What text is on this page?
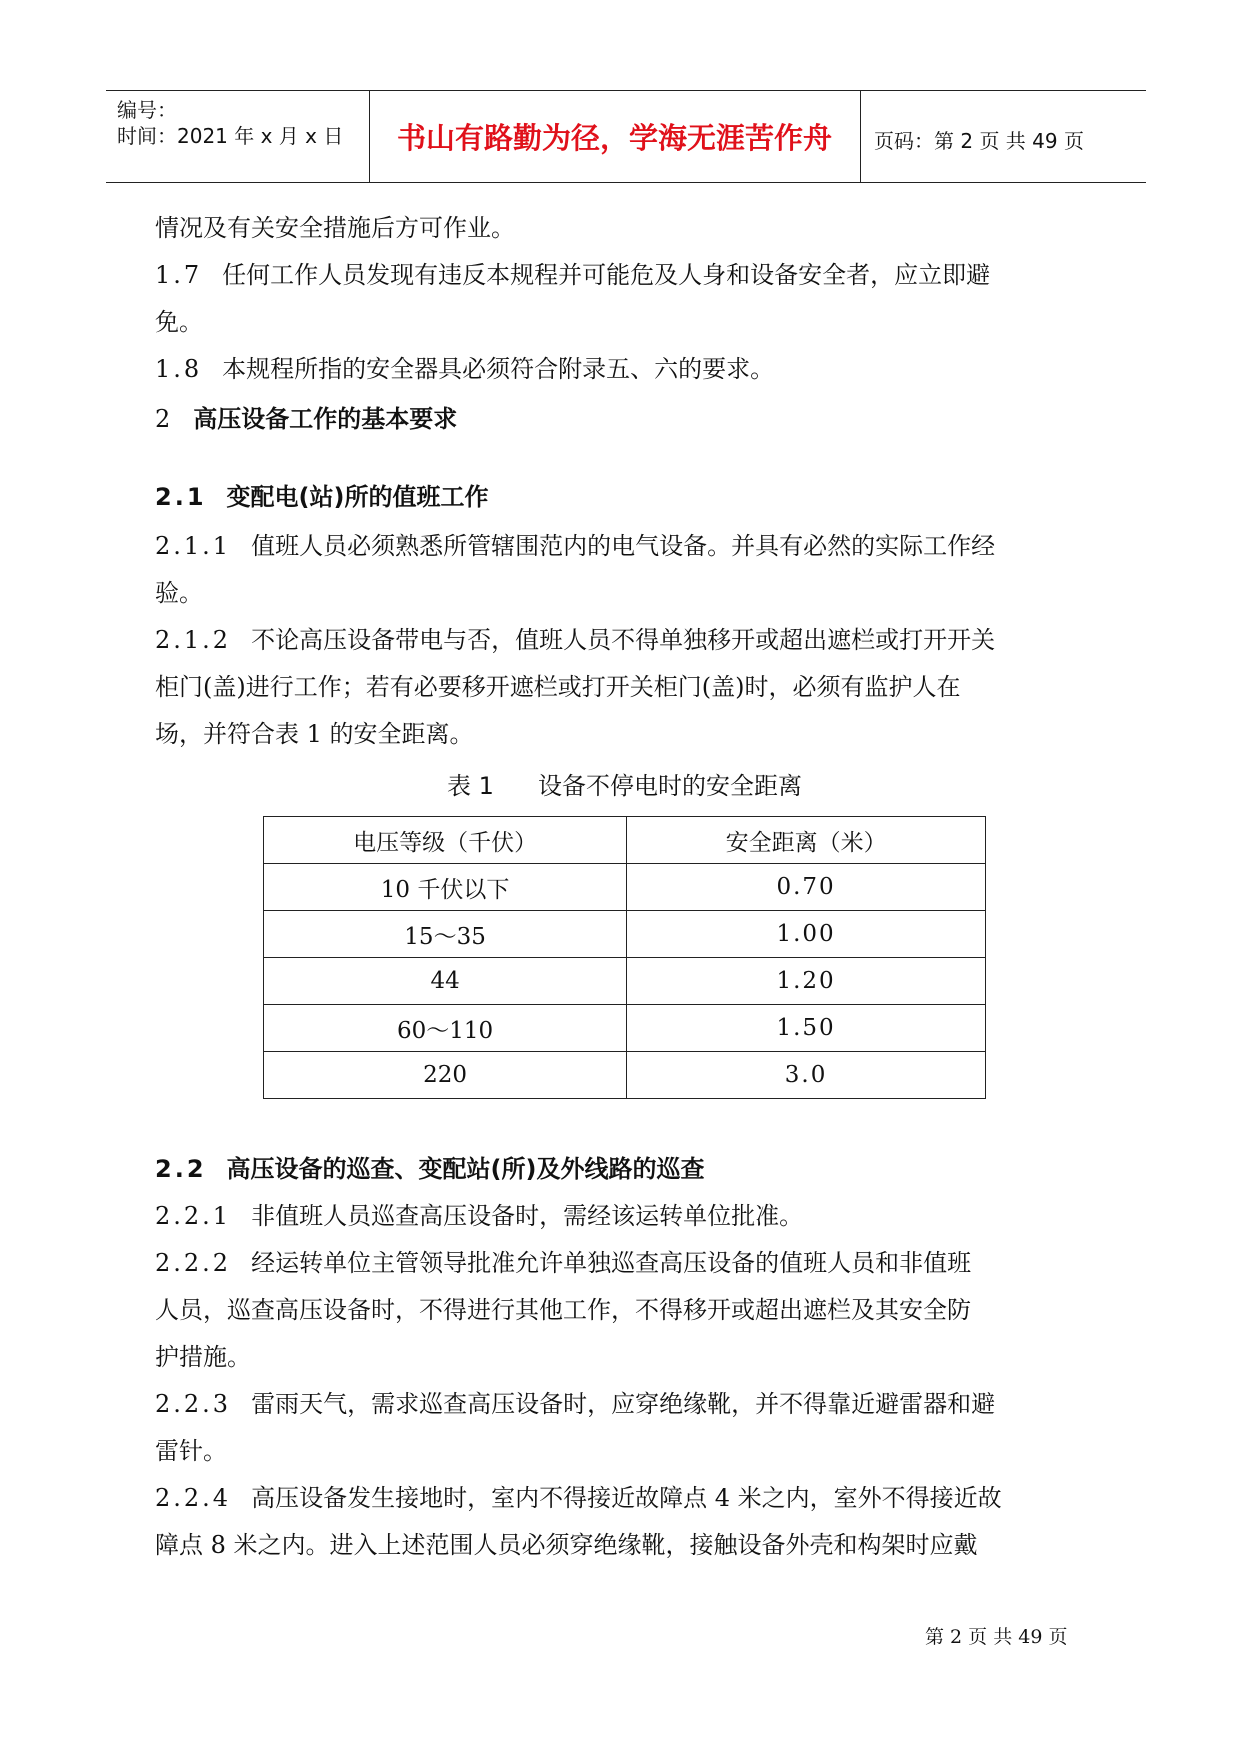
编号：
时间：2021 年 x 月 x 日	书山有路勤为径，学海无涯苦作舟	页码：第 2 页 共 49 页
情况及有关安全措施后方可作业。
1.7 任何工作人员发现有违反本规程并可能危及人身和设备安全者，应立即避
免。
1.8 本规程所指的安全器具必须符合附录五、六的要求。
2 高压设备工作的基本要求
2.1 变配电(站)所的值班工作
2.1.1 值班人员必须熟悉所管辖围范内的电气设备。并具有必然的实际工作经
验。
2.1.2 不论高压设备带电与否，值班人员不得单独移开或超出遮栏或打开开关
柜门(盖)进行工作；若有必要移开遮栏或打开关柜门(盖)时，必须有监护人在
场，并符合表 1 的安全距离。
表 1 设备不停电时的安全距离
电压等级（千伏）	安全距离（米）
10 千伏以下	0.70
15～35	1.00
44	1.20
60～110	1.50
220	3.0
2.2 高压设备的巡查、变配站(所)及外线路的巡查
2.2.1 非值班人员巡查高压设备时，需经该运转单位批准。
2.2.2 经运转单位主管领导批准允许单独巡查高压设备的值班人员和非值班
人员，巡查高压设备时，不得进行其他工作，不得移开或超出遮栏及其安全防
护措施。
2.2.3 雷雨天气，需求巡查高压设备时，应穿绝缘靴，并不得靠近避雷器和避
雷针。
2.2.4 高压设备发生接地时，室内不得接近故障点 4 米之内，室外不得接近故
障点 8 米之内。进入上述范围人员必须穿绝缘靴，接触设备外壳和构架时应戴
第 2 页 共 49 页
